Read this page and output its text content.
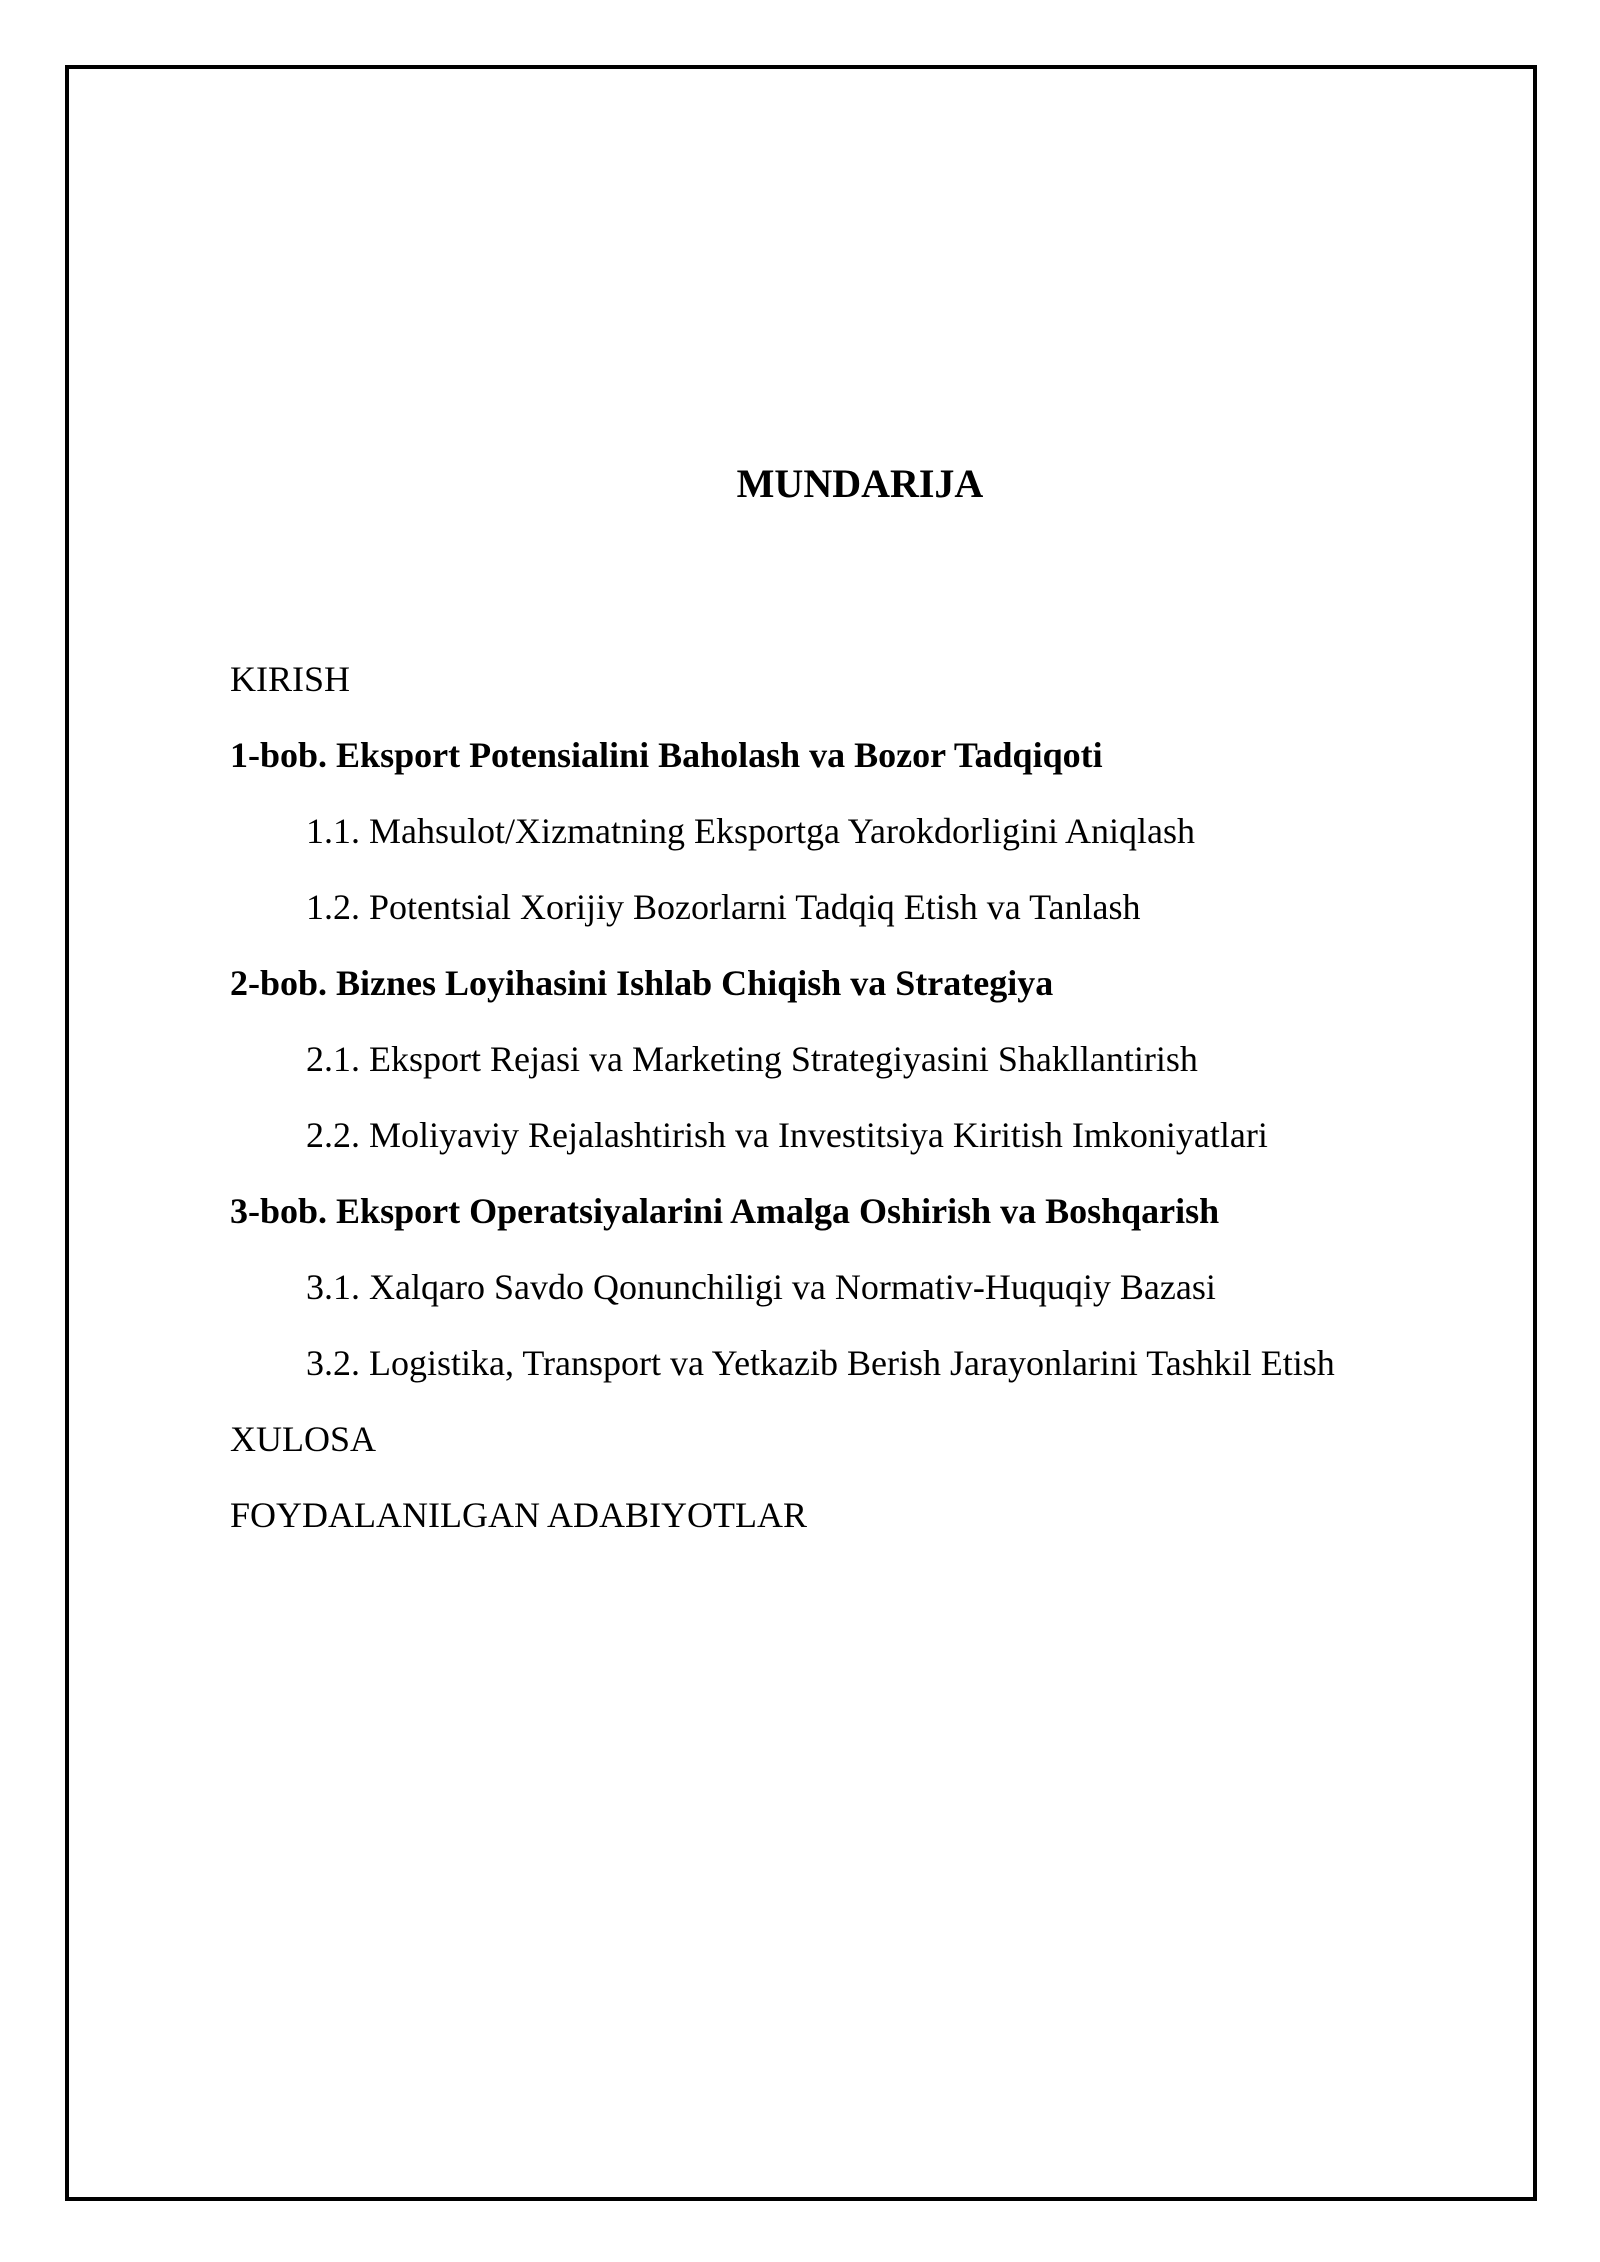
MUNDARIJA
KIRISH
1-bob. Eksport Potensialini Baholash va Bozor Tadqiqoti
1.1. Mahsulot/Xizmatning Eksportga Yarokdorligini Aniqlash
1.2. Potentsial Xorijiy Bozorlarni Tadqiq Etish va Tanlash
2-bob. Biznes Loyihasini Ishlab Chiqish va Strategiya
2.1. Eksport Rejasi va Marketing Strategiyasini Shakllantirish
2.2. Moliyaviy Rejalashtirish va Investitsiya Kiritish Imkoniyatlari
3-bob. Eksport Operatsiyalarini Amalga Oshirish va Boshqarish
3.1. Xalqaro Savdo Qonunchiligi va Normativ-Huquqiy Bazasi
3.2. Logistika, Transport va Yetkazib Berish Jarayonlarini Tashkil Etish
XULOSA
FOYDALANILGAN ADABIYOTLAR
